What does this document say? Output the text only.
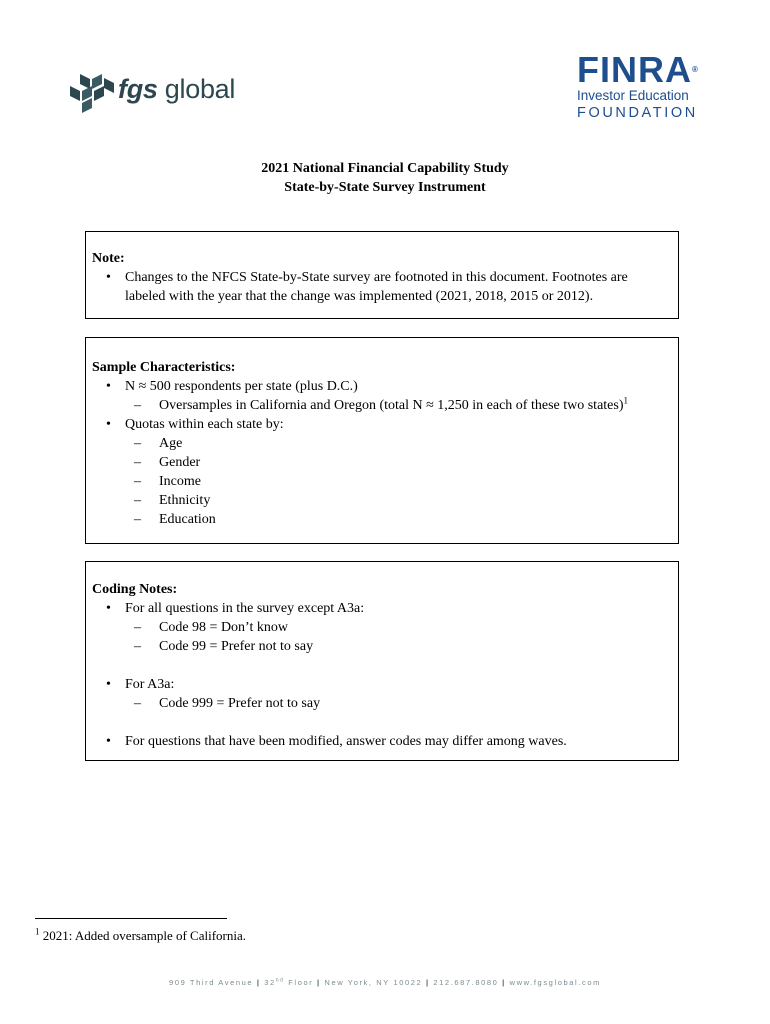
fgs global	FINRA®
Investor Education
FOUNDATION
2021 National Financial Capability Study
State-by-State Survey Instrument
Note:
• Changes to the NFCS State-by-State survey are footnoted in this document. Footnotes are labeled with the year that the change was implemented (2021, 2018, 2015 or 2012).
Sample Characteristics:
• N ≈ 500 respondents per state (plus D.C.)
– Oversamples in California and Oregon (total N ≈ 1,250 in each of these two states)$^1$
• Quotas within each state by:
– Age
– Gender
– Income
– Ethnicity
– Education
Coding Notes:
• For all questions in the survey except A3a:
– Code 98 = Don’t know
– Code 99 = Prefer not to say
• For A3a:
– Code 999 = Prefer not to say
• For questions that have been modified, answer codes may differ among waves.
$^1$ 2021: Added oversample of California.
909 Third Avenue | 32nd Floor | New York, NY 10022 | 212.687.8080 | www.fgsglobal.com
